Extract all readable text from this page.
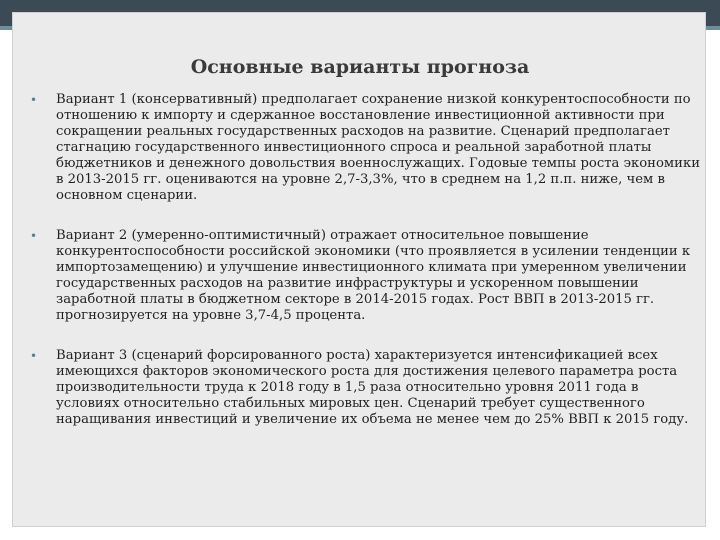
Основные варианты прогноза
• Вариант 1 (консервативный) предполагает сохранение низкой конкурентоспособности по отношению к импорту и сдержанное восстановление инвестиционной активности при сокращении реальных государственных расходов на развитие. Сценарий предполагает стагнацию государственного инвестиционного спроса и реальной заработной платы бюджетников и денежного довольствия военнослужащих. Годовые темпы роста экономики в 2013-2015 гг. оцениваются на уровне 2,7-3,3%, что в среднем на 1,2 п.п. ниже, чем в основном сценарии.
• Вариант 2 (умеренно-оптимистичный) отражает относительное повышение конкурентоспособности российской экономики (что проявляется в усилении тенденции к импортозамещению) и улучшение инвестиционного климата при умеренном увеличении государственных расходов на развитие инфраструктуры и ускоренном повышении заработной платы в бюджетном секторе в 2014-2015 годах. Рост ВВП в 2013-2015 гг. прогнозируется на уровне 3,7-4,5 процента.
• Вариант 3 (сценарий форсированного роста) характеризуется интенсификацией всех имеющихся факторов экономического роста для достижения целевого параметра роста производительности труда к 2018 году в 1,5 раза относительно уровня 2011 года в условиях относительно стабильных мировых цен. Сценарий требует существенного наращивания инвестиций и увеличение их объема не менее чем до 25% ВВП к 2015 году.
